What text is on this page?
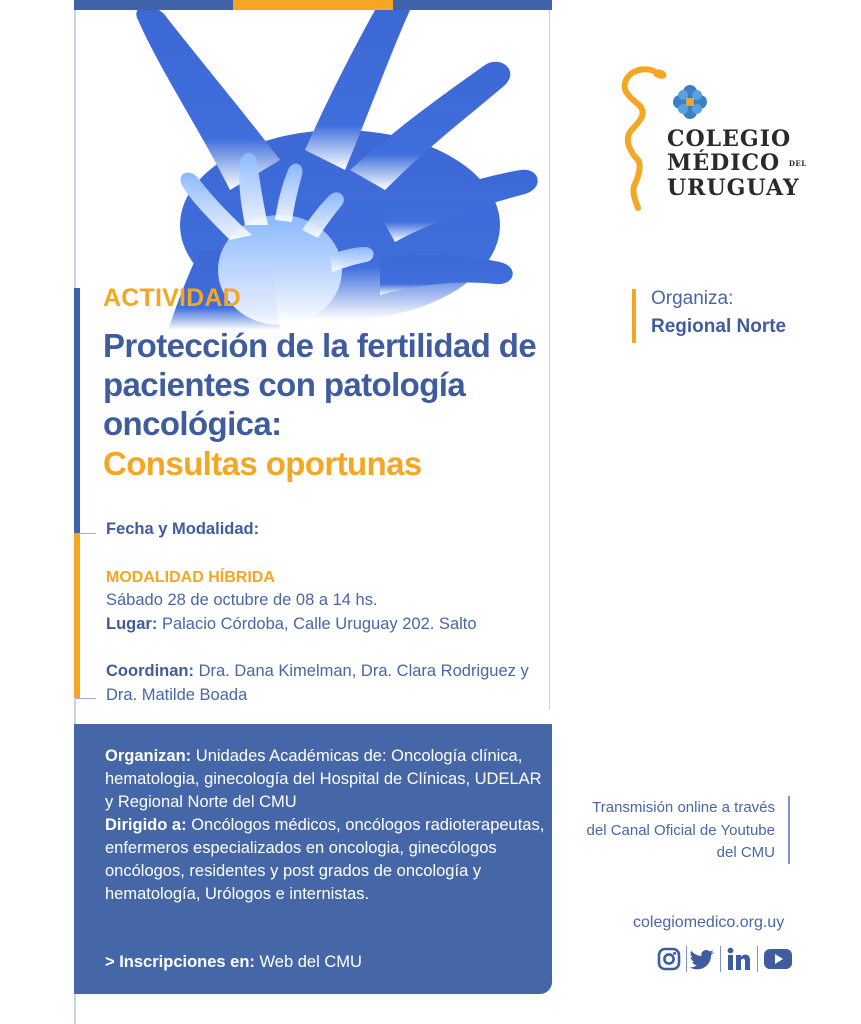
ACTIVIDAD
Protección de la fertilidad de pacientes con patología oncológica:
Consultas oportunas
Fecha y Modalidad:
MODALIDAD HÍBRIDA
Sábado 28 de octubre de 08 a 14 hs.
Lugar: Palacio Córdoba, Calle Uruguay 202. Salto
Coordinan: Dra. Dana Kimelman, Dra. Clara Rodriguez y Dra. Matilde Boada
Organizan: Unidades Académicas de: Oncología clínica, hematologia, ginecología del Hospital de Clínicas, UDELAR y Regional Norte del CMU
Dirigido a: Oncólogos médicos, oncólogos radioterapeutas, enfermeros especializados en oncologia, ginecólogos oncólogos, residentes y post grados de oncología y hematología, Urólogos e internistas.
> Inscripciones en: Web del CMU
COLEGIO
MÉDICO DEL
URUGUAY
Organiza:
Regional Norte
Transmisión online a través del Canal Oficial de Youtube del CMU
colegiomedico.org.uy
